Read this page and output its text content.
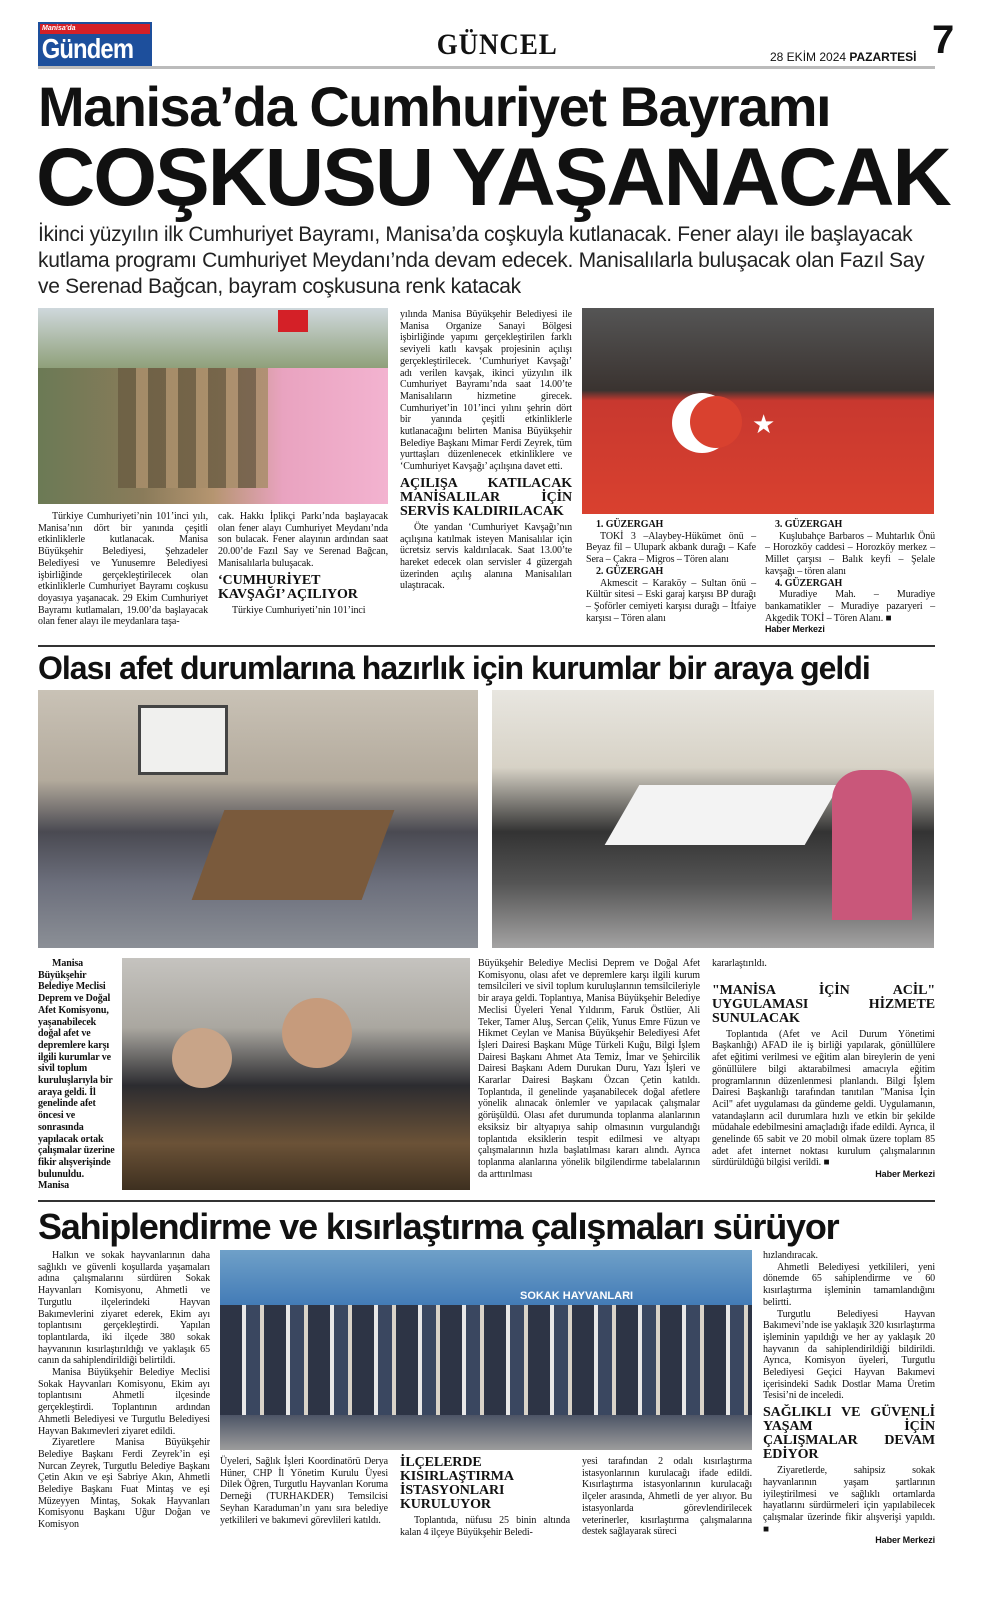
Manisa'da
Gündem	GÜNCEL	28 EKİM 2024 PAZARTESİ 7
Manisa’da Cumhuriyet Bayramı
COŞKUSU YAŞANACAK
İkinci yüzyılın ilk Cumhuriyet Bayramı, Manisa’da coşkuyla kutlanacak. Fener alayı ile başlayacak kutlama programı Cumhuriyet Meydanı’nda devam edecek. Manisalılarla buluşacak olan Fazıl Say ve Serenad Bağcan, bayram coşkusuna renk katacak
★

Türkiye Cumhuriyeti’nin 101’inci yılı, Manisa’nın dört bir yanında çeşitli etkinliklerle kutlanacak. Manisa Büyükşehir Belediyesi, Şehzadeler Belediyesi ve Yunusemre Belediyesi işbirliğinde gerçekleştirilecek olan etkinliklerle Cumhuriyet Bayramı coşkusu doyasıya yaşanacak. 29 Ekim Cumhuriyet Bayramı kutlamaları, 19.00’da başlayacak olan fener alayı ile meydanlara taşa-

cak. Hakkı İplikçi Parkı’nda başlayacak olan fener alayı Cumhuriyet Meydanı’nda son bulacak. Fener alayının ardından saat 20.00’de Fazıl Say ve Serenad Bağcan, Manisalılarla buluşacak.

‘CUMHURİYET KAVŞAĞI’ AÇILIYOR

Türkiye Cumhuriyeti’nin 101’inci

yılında Manisa Büyükşehir Belediyesi ile Manisa Organize Sanayi Bölgesi işbirliğinde yapımı gerçekleştirilen farklı seviyeli katlı kavşak projesinin açılışı gerçekleştirilecek. ‘Cumhuriyet Kavşağı’ adı verilen kavşak, ikinci yüzyılın ilk Cumhuriyet Bayramı’nda saat 14.00’te Manisalıların hizmetine girecek. Cumhuriyet’in 101’inci yılını şehrin dört bir yanında çeşitli etkinliklerle kutlanacağını belirten Manisa Büyükşehir Belediye Başkanı Mimar Ferdi Zeyrek, tüm yurttaşları düzenlenecek etkinliklere ve ‘Cumhuriyet Kavşağı’ açılışına davet etti.

AÇILIŞA KATILACAK MANİSALILAR İÇİN SERVİS KALDIRILACAK

Öte yandan ‘Cumhuriyet Kavşağı’nın açılışına katılmak isteyen Manisalılar için ücretsiz servis kaldırılacak. Saat 13.00’te hareket edecek olan servisler 4 güzergah üzerinden açılış alanına Manisalıları ulaştıracak.

1. GÜZERGAH

TOKİ 3 –Alaybey-Hükümet önü – Beyaz fil – Ulupark akbank durağı – Kafe Sera – Çakra – Migros – Tören alanı

2. GÜZERGAH

Akmescit – Karaköy – Sultan önü – Kültür sitesi – Eski garaj karşısı BP durağı – Şoförler cemiyeti karşısı durağı – İtfaiye karşısı – Tören alanı

3. GÜZERGAH

Kuşlubahçe Barbaros – Muhtarlık Önü – Horozköy caddesi – Horozköy merkez – Millet çarşısı – Balık keyfi – Şelale kavşağı – tören alanı

4. GÜZERGAH

Muradiye Mah. – Muradiye bankamatikler – Muradiye pazaryeri – Akgedik TOKİ – Tören Alanı. ■

Haber Merkezi
Olası afet durumlarına hazırlık için kurumlar bir araya geldi

Manisa Büyükşehir Belediye Meclisi Deprem ve Doğal Afet Komisyonu, yaşanabilecek doğal afet ve depremlere karşı ilgili kurumlar ve sivil toplum kuruluşlarıyla bir araya geldi. İl genelinde afet öncesi ve sonrasında yapılacak ortak çalışmalar üzerine fikir alışverişinde bulunuldu. Manisa

Büyükşehir Belediye Meclisi Deprem ve Doğal Afet Komisyonu, olası afet ve depremlere karşı ilgili kurum temsilcileri ve sivil toplum kuruluşlarının temsilcileriyle bir araya geldi. Toplantıya, Manisa Büyükşehir Belediye Meclisi Üyeleri Yenal Yıldırım, Faruk Östlüer, Ali Teker, Tamer Aluş, Sercan Çelik, Yunus Emre Füzun ve Hikmet Ceylan ve Manisa Büyükşehir Belediyesi Afet İşleri Dairesi Başkanı Müge Türkeli Kuğu, Bilgi İşlem Dairesi Başkanı Ahmet Ata Temiz, İmar ve Şehircilik Dairesi Başkanı Adem Durukan Duru, Yazı İşleri ve Kararlar Dairesi Başkanı Özcan Çetin katıldı. Toplantıda, il genelinde yaşanabilecek doğal afetlere yönelik alınacak önlemler ve yapılacak çalışmalar görüşüldü. Olası afet durumunda toplanma alanlarının eksiksiz bir altyapıya sahip olmasının vurgulandığı toplantıda eksiklerin tespit edilmesi ve altyapı çalışmalarının hızla başlatılması kararı alındı. Ayrıca toplanma alanlarına yönelik bilgilendirme tabelalarının da arttırılması

kararlaştırıldı.

"MANİSA İÇİN ACİL" UYGULAMASI HİZMETE SUNULACAK

Toplantıda (Afet ve Acil Durum Yönetimi Başkanlığı) AFAD ile iş birliği yapılarak, gönüllülere afet eğitimi verilmesi ve eğitim alan bireylerin de yeni gönüllülere bilgi aktarabilmesi amacıyla eğitim programlarının düzenlenmesi planlandı. Bilgi İşlem Dairesi Başkanlığı tarafından tanıtılan "Manisa İçin Acil" afet uygulaması da gündeme geldi. Uygulamanın, vatandaşların acil durumlara hızlı ve etkin bir şekilde müdahale edebilmesini amaçladığı ifade edildi. Ayrıca, il genelinde 65 sabit ve 20 mobil olmak üzere toplam 85 adet afet internet noktası kurulum çalışmalarının sürdürüldüğü bilgisi verildi. ■

Haber Merkezi
Sahiplendirme ve kısırlaştırma çalışmaları sürüyor
SOKAK HAYVANLARI

Halkın ve sokak hayvanlarının daha sağlıklı ve güvenli koşullarda yaşamaları adına çalışmalarını sürdüren Sokak Hayvanları Komisyonu, Ahmetli ve Turgutlu ilçelerindeki Hayvan Bakımevlerini ziyaret ederek, Ekim ayı toplantısını gerçekleştirdi. Yapılan toplantılarda, iki ilçede 380 sokak hayvanının kısırlaştırıldığı ve yaklaşık 65 canın da sahiplendirildiği belirtildi.

Manisa Büyükşehir Belediye Meclisi Sokak Hayvanları Komisyonu, Ekim ayı toplantısını Ahmetli ilçesinde gerçekleştirdi. Toplantının ardından Ahmetli Belediyesi ve Turgutlu Belediyesi Hayvan Bakımevleri ziyaret edildi.

Ziyaretlere Manisa Büyükşehir Belediye Başkanı Ferdi Zeyrek’in eşi Nurcan Zeyrek, Turgutlu Belediye Başkanı Çetin Akın ve eşi Sabriye Akın, Ahmetli Belediye Başkanı Fuat Mintaş ve eşi Müzeyyen Mintaş, Sokak Hayvanları Komisyonu Başkanı Uğur Doğan ve Komisyon

Üyeleri, Sağlık İşleri Koordinatörü Derya Hüner, CHP İl Yönetim Kurulu Üyesi Dilek Öğren, Turgutlu Hayvanları Koruma Derneği (TURHAKDER) Temsilcisi Seyhan Karaduman’ın yanı sıra belediye yetkilileri ve bakımevi görevlileri katıldı.

İLÇELERDE KISIRLAŞTIRMA İSTASYONLARI KURULUYOR

Toplantıda, nüfusu 25 binin altında kalan 4 ilçeye Büyükşehir Beledi-

yesi tarafından 2 odalı kısırlaştırma istasyonlarının kurulacağı ifade edildi. Kısırlaştırma istasyonlarının kurulacağı ilçeler arasında, Ahmetli de yer alıyor. Bu istasyonlarda görevlendirilecek veterinerler, kısırlaştırma çalışmalarına destek sağlayarak süreci

hızlandıracak.

Ahmetli Belediyesi yetkilileri, yeni dönemde 65 sahiplendirme ve 60 kısırlaştırma işleminin tamamlandığını belirtti.

Turgutlu Belediyesi Hayvan Bakımevi’nde ise yaklaşık 320 kısırlaştırma işleminin yapıldığı ve her ay yaklaşık 20 hayvanın da sahiplendirildiği bildirildi. Ayrıca, Komisyon üyeleri, Turgutlu Belediyesi Geçici Hayvan Bakımevi içerisindeki Sadık Dostlar Mama Üretim Tesisi’ni de inceledi.

SAĞLIKLI VE GÜVENLİ YAŞAM İÇİN ÇALIŞMALAR DEVAM EDİYOR

Ziyaretlerde, sahipsiz sokak hayvanlarının yaşam şartlarının iyileştirilmesi ve sağlıklı ortamlarda hayatlarını sürdürmeleri için yapılabilecek çalışmalar üzerinde fikir alışverişi yapıldı. ■

Haber Merkezi
